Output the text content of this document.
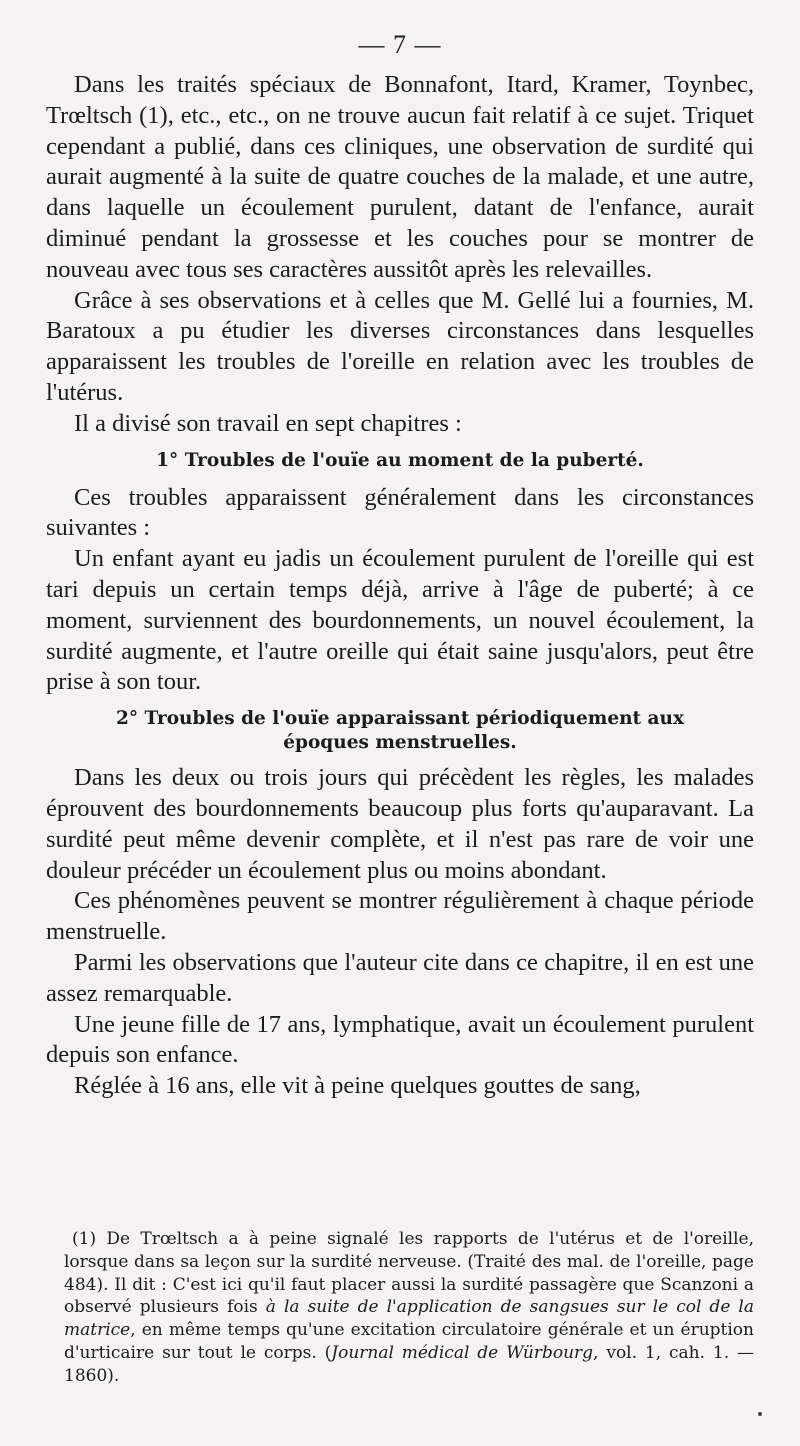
— 7 —

Dans les traités spéciaux de Bonnafont, Itard, Kramer, Toynbec, Trœltsch (1), etc., etc., on ne trouve aucun fait relatif à ce sujet. Triquet cependant a publié, dans ces cliniques, une observation de surdité qui aurait augmenté à la suite de quatre couches de la malade, et une autre, dans laquelle un écoulement purulent, datant de l'enfance, aurait diminué pendant la grossesse et les couches pour se montrer de nouveau avec tous ses caractères aussitôt après les relevailles.

Grâce à ses observations et à celles que M. Gellé lui a fournies, M. Baratoux a pu étudier les diverses circonstances dans lesquelles apparaissent les troubles de l'oreille en relation avec les troubles de l'utérus.

Il a divisé son travail en sept chapitres :

1° Troubles de l'ouïe au moment de la puberté.

Ces troubles apparaissent généralement dans les circonstances suivantes :

Un enfant ayant eu jadis un écoulement purulent de l'oreille qui est tari depuis un certain temps déjà, arrive à l'âge de puberté; à ce moment, surviennent des bourdonnements, un nouvel écoulement, la surdité augmente, et l'autre oreille qui était saine jusqu'alors, peut être prise à son tour.

2° Troubles de l'ouïe apparaissant périodiquement aux
époques menstruelles.

Dans les deux ou trois jours qui précèdent les règles, les malades éprouvent des bourdonnements beaucoup plus forts qu'auparavant. La surdité peut même devenir complète, et il n'est pas rare de voir une douleur précéder un écoulement plus ou moins abondant.

Ces phénomènes peuvent se montrer régulièrement à chaque période menstruelle.

Parmi les observations que l'auteur cite dans ce chapitre, il en est une assez remarquable.

Une jeune fille de 17 ans, lymphatique, avait un écoulement purulent depuis son enfance.

Réglée à 16 ans, elle vit à peine quelques gouttes de sang,

(1) De Trœltsch a à peine signalé les rapports de l'utérus et de l'oreille, lorsque dans sa leçon sur la surdité nerveuse. (Traité des mal. de l'oreille, page 484). Il dit : C'est ici qu'il faut placer aussi la surdité passagère que Scanzoni a observé plusieurs fois à la suite de l'application de sangsues sur le col de la matrice, en même temps qu'une excitation circulatoire générale et un éruption d'urticaire sur tout le corps. (Journal médical de Würbourg, vol. 1, cah. 1. — 1860).
